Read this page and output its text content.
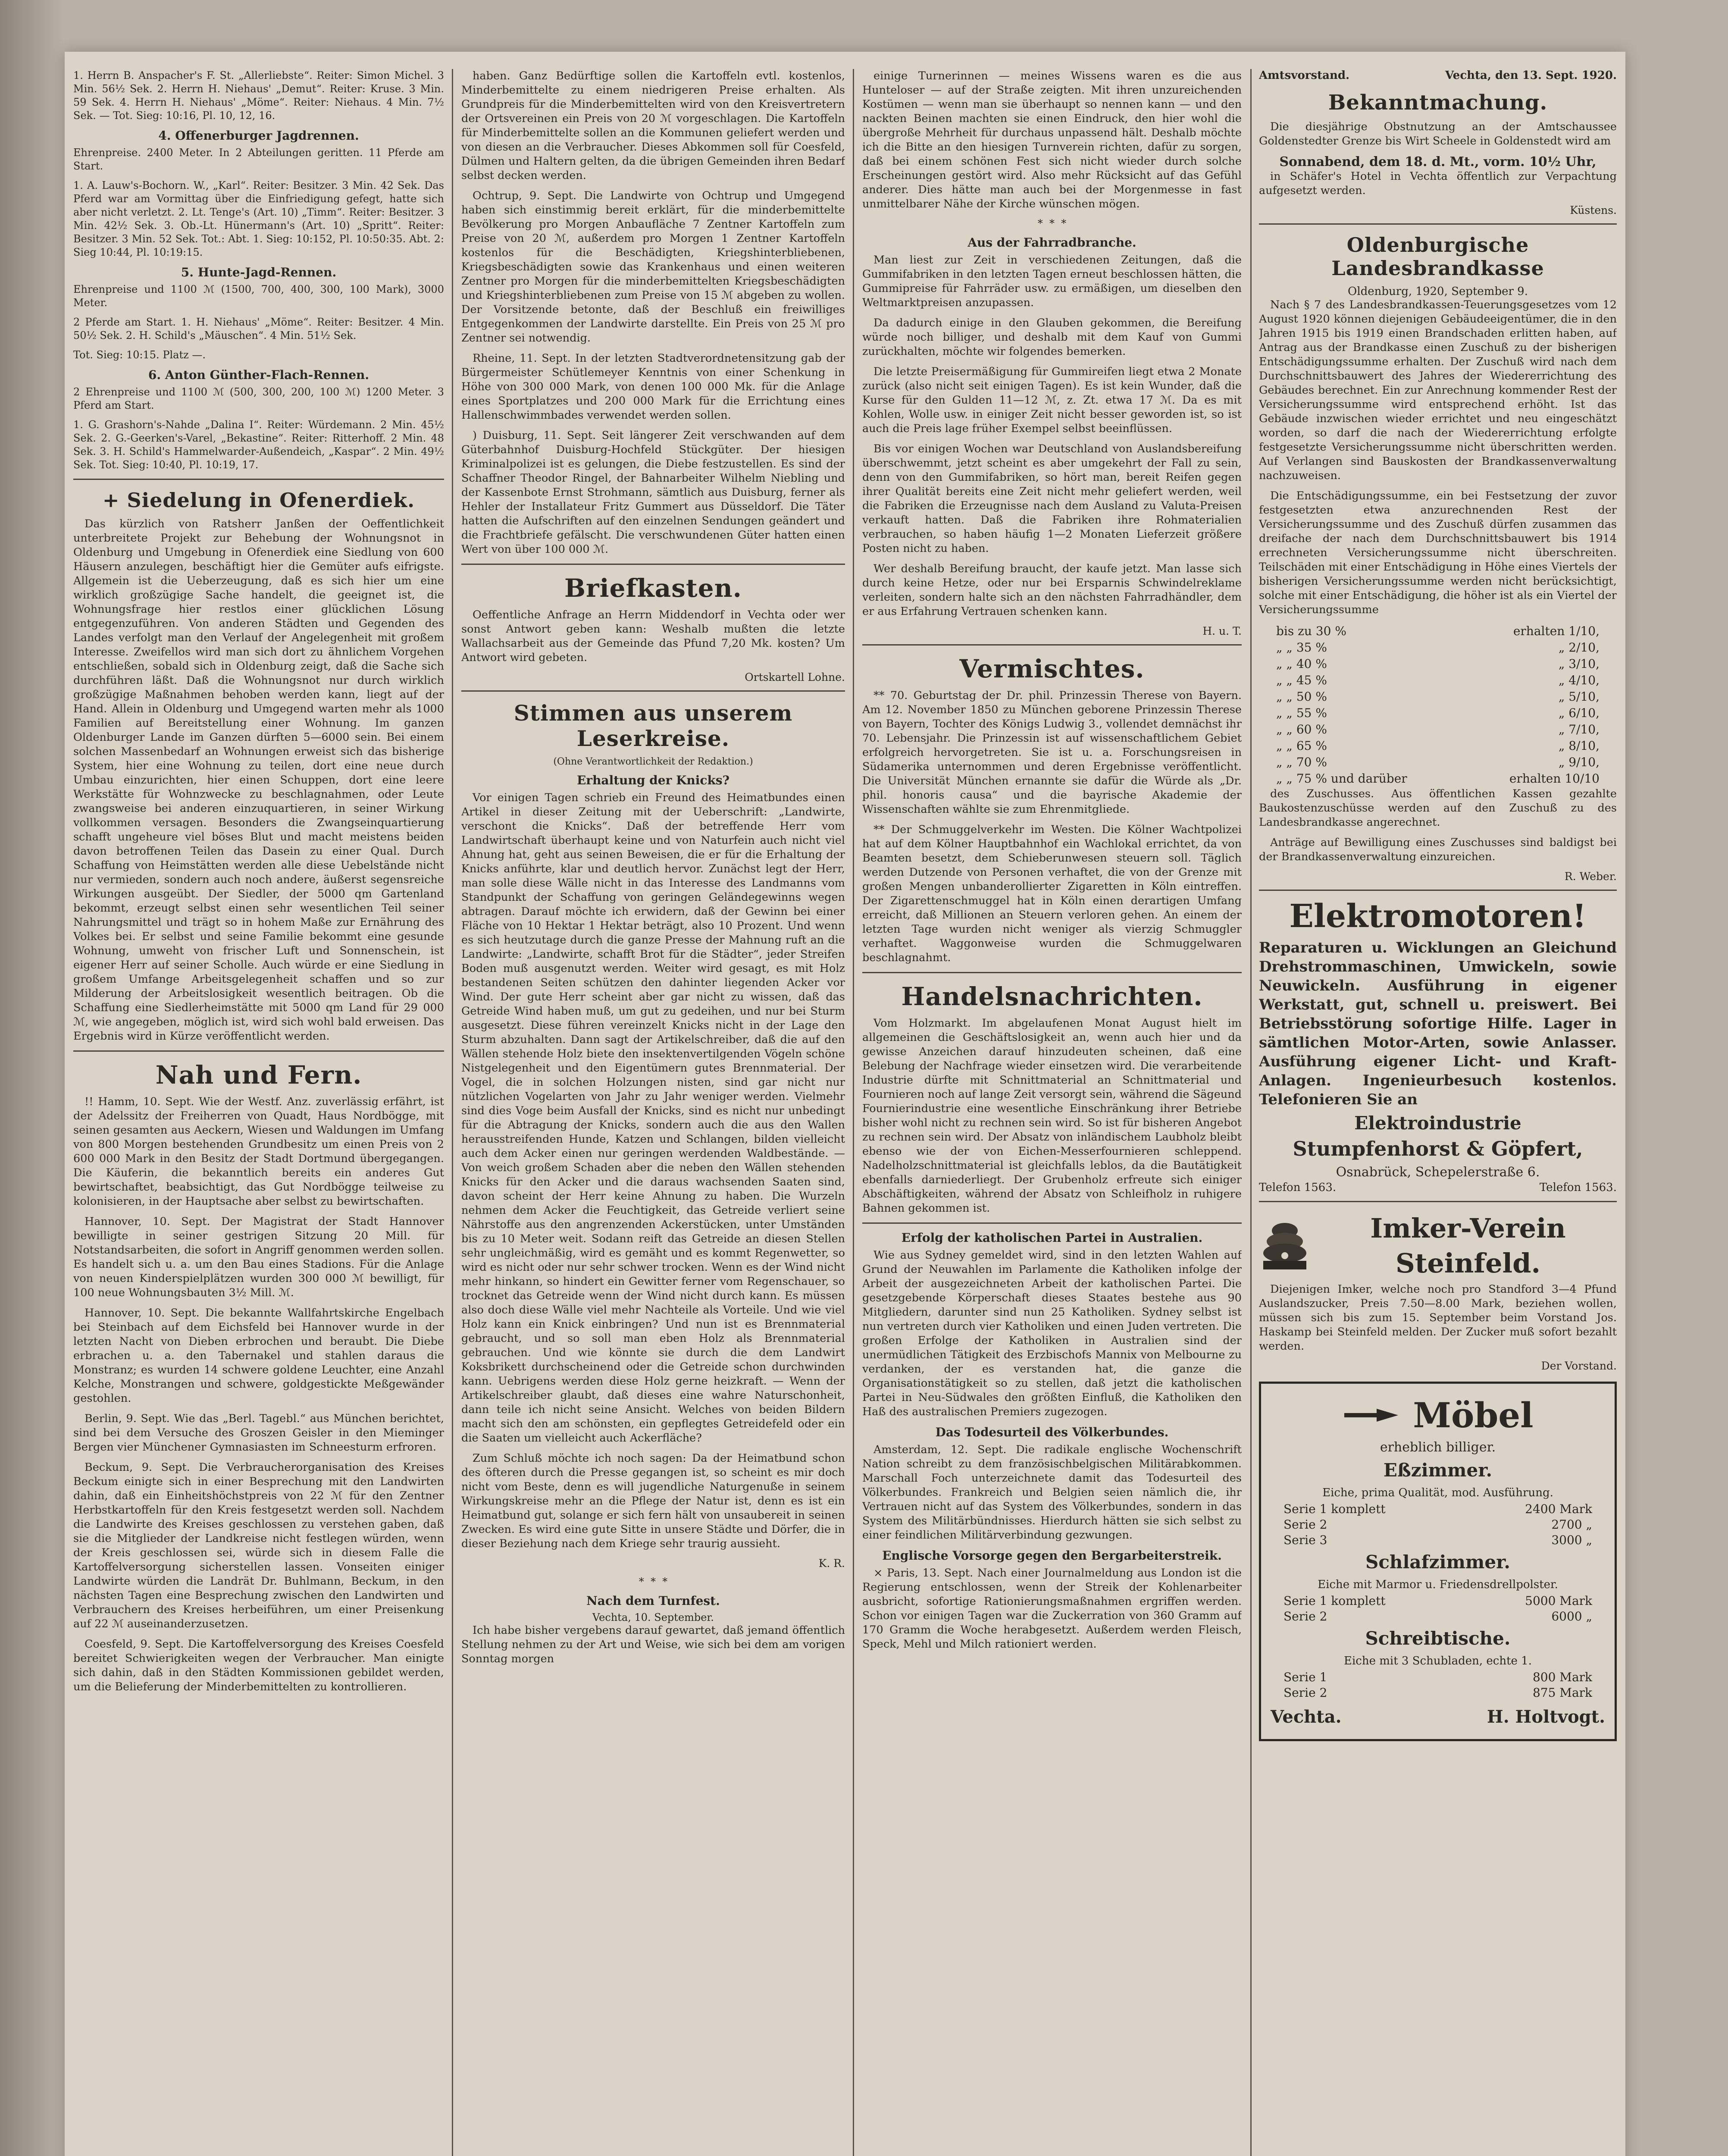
1. Herrn B. Anspacher's F. St. „Allerliebste“. Reiter: Simon Michel. 3 Min. 56½ Sek. 2. Herrn H. Niehaus' „Demut“. Reiter: Kruse. 3 Min. 59 Sek. 4. Herrn H. Niehaus' „Möme“. Reiter: Niehaus. 4 Min. 7½ Sek. — Tot. Sieg: 10:16, Pl. 10, 12, 16.

4. Offenerburger Jagdrennen.

Ehrenpreise. 2400 Meter. In 2 Abteilungen geritten. 11 Pferde am Start.

1. A. Lauw's-Bochorn. W., „Karl“. Reiter: Besitzer. 3 Min. 42 Sek. Das Pferd war am Vormittag über die Einfriedigung gefegt, hatte sich aber nicht verletzt. 2. Lt. Tenge's (Art. 10) „Timm“. Reiter: Besitzer. 3 Min. 42½ Sek. 3. Ob.-Lt. Hünermann's (Art. 10) „Spritt“. Reiter: Besitzer. 3 Min. 52 Sek. Tot.: Abt. 1. Sieg: 10:152, Pl. 10:50:35. Abt. 2: Sieg 10:44, Pl. 10:19:15.

5. Hunte-Jagd-Rennen.

Ehrenpreise und 1100 ℳ (1500, 700, 400, 300, 100 Mark), 3000 Meter.

2 Pferde am Start. 1. H. Niehaus' „Möme“. Reiter: Besitzer. 4 Min. 50½ Sek. 2. H. Schild's „Mäuschen“. 4 Min. 51½ Sek.

Tot. Sieg: 10:15. Platz —.

6. Anton Günther-Flach-Rennen.

2 Ehrenpreise und 1100 ℳ (500, 300, 200, 100 ℳ) 1200 Meter. 3 Pferd am Start.

1. G. Grashorn's-Nahde „Dalina I“. Reiter: Würdemann. 2 Min. 45½ Sek. 2. G.-Geerken's-Varel, „Bekastine“. Reiter: Ritterhoff. 2 Min. 48 Sek. 3. H. Schild's Hammelwarder-Außendeich, „Kaspar“. 2 Min. 49½ Sek. Tot. Sieg: 10:40, Pl. 10:19, 17.

+ Siedelung in Ofenerdiek.

Das kürzlich von Ratsherr Janßen der Oeffentlichkeit unterbreitete Projekt zur Behebung der Wohnungsnot in Oldenburg und Umgebung in Ofenerdiek eine Siedlung von 600 Häusern anzulegen, beschäftigt hier die Gemüter aufs eifrigste. Allgemein ist die Ueberzeugung, daß es sich hier um eine wirklich großzügige Sache handelt, die geeignet ist, die Wohnungsfrage hier restlos einer glücklichen Lösung entgegenzuführen. Von anderen Städten und Gegenden des Landes verfolgt man den Verlauf der Angelegenheit mit großem Interesse. Zweifellos wird man sich dort zu ähnlichem Vorgehen entschließen, sobald sich in Oldenburg zeigt, daß die Sache sich durchführen läßt. Daß die Wohnungsnot nur durch wirklich großzügige Maßnahmen behoben werden kann, liegt auf der Hand. Allein in Oldenburg und Umgegend warten mehr als 1000 Familien auf Bereitstellung einer Wohnung. Im ganzen Oldenburger Lande im Ganzen dürften 5—6000 sein. Bei einem solchen Massenbedarf an Wohnungen erweist sich das bisherige System, hier eine Wohnung zu teilen, dort eine neue durch Umbau einzurichten, hier einen Schuppen, dort eine leere Werkstätte für Wohnzwecke zu beschlagnahmen, oder Leute zwangsweise bei anderen einzuquartieren, in seiner Wirkung vollkommen versagen. Besonders die Zwangseinquartierung schafft ungeheure viel böses Blut und macht meistens beiden davon betroffenen Teilen das Dasein zu einer Qual. Durch Schaffung von Heimstätten werden alle diese Uebelstände nicht nur vermieden, sondern auch noch andere, äußerst segensreiche Wirkungen ausgeübt. Der Siedler, der 5000 qm Gartenland bekommt, erzeugt selbst einen sehr wesentlichen Teil seiner Nahrungsmittel und trägt so in hohem Maße zur Ernährung des Volkes bei. Er selbst und seine Familie bekommt eine gesunde Wohnung, umweht von frischer Luft und Sonnenschein, ist eigener Herr auf seiner Scholle. Auch würde er eine Siedlung in großem Umfange Arbeitsgelegenheit schaffen und so zur Milderung der Arbeitslosigkeit wesentlich beitragen. Ob die Schaffung eine Siedlerheimstätte mit 5000 qm Land für 29 000 ℳ, wie angegeben, möglich ist, wird sich wohl bald erweisen. Das Ergebnis wird in Kürze veröffentlicht werden.

Nah und Fern.

!! Hamm, 10. Sept. Wie der Westf. Anz. zuverlässig erfährt, ist der Adelssitz der Freiherren von Quadt, Haus Nordbögge, mit seinen gesamten aus Aeckern, Wiesen und Waldungen im Umfang von 800 Morgen bestehenden Grundbesitz um einen Preis von 2 600 000 Mark in den Besitz der Stadt Dortmund übergegangen. Die Käuferin, die bekanntlich bereits ein anderes Gut bewirtschaftet, beabsichtigt, das Gut Nordbögge teilweise zu kolonisieren, in der Hauptsache aber selbst zu bewirtschaften.

Hannover, 10. Sept. Der Magistrat der Stadt Hannover bewilligte in seiner gestrigen Sitzung 20 Mill. für Notstandsarbeiten, die sofort in Angriff genommen werden sollen. Es handelt sich u. a. um den Bau eines Stadions. Für die Anlage von neuen Kinderspielplätzen wurden 300 000 ℳ bewilligt, für 100 neue Wohnungsbauten 3½ Mill. ℳ.

Hannover, 10. Sept. Die bekannte Wallfahrtskirche Engelbach bei Steinbach auf dem Eichsfeld bei Hannover wurde in der letzten Nacht von Dieben erbrochen und beraubt. Die Diebe erbrachen u. a. den Tabernakel und stahlen daraus die Monstranz; es wurden 14 schwere goldene Leuchter, eine Anzahl Kelche, Monstrangen und schwere, goldgestickte Meßgewänder gestohlen.

Berlin, 9. Sept. Wie das „Berl. Tagebl.“ aus München berichtet, sind bei dem Versuche des Groszen Geisler in den Mieminger Bergen vier Münchener Gymnasiasten im Schneesturm erfroren.

Beckum, 9. Sept. Die Verbraucherorganisation des Kreises Beckum einigte sich in einer Besprechung mit den Landwirten dahin, daß ein Einheitshöchstpreis von 22 ℳ für den Zentner Herbstkartoffeln für den Kreis festgesetzt werden soll. Nachdem die Landwirte des Kreises geschlossen zu verstehen gaben, daß sie die Mitglieder der Landkreise nicht festlegen würden, wenn der Kreis geschlossen sei, würde sich in diesem Falle die Kartoffelversorgung sicherstellen lassen. Vonseiten einiger Landwirte würden die Landrät Dr. Buhlmann, Beckum, in den nächsten Tagen eine Besprechung zwischen den Landwirten und Verbrauchern des Kreises herbeiführen, um einer Preisenkung auf 22 ℳ auseinanderzusetzen.

Coesfeld, 9. Sept. Die Kartoffelversorgung des Kreises Coesfeld bereitet Schwierigkeiten wegen der Verbraucher. Man einigte sich dahin, daß in den Städten Kommissionen gebildet werden, um die Belieferung der Minderbemittelten zu kontrollieren.

haben. Ganz Bedürftige sollen die Kartoffeln evtl. kostenlos, Minderbemittelte zu einem niedrigeren Preise erhalten. Als Grundpreis für die Minderbemittelten wird von den Kreisvertretern der Ortsvereinen ein Preis von 20 ℳ vorgeschlagen. Die Kartoffeln für Minderbemittelte sollen an die Kommunen geliefert werden und von diesen an die Verbraucher. Dieses Abkommen soll für Coesfeld, Dülmen und Haltern gelten, da die übrigen Gemeinden ihren Bedarf selbst decken werden.

Ochtrup, 9. Sept. Die Landwirte von Ochtrup und Umgegend haben sich einstimmig bereit erklärt, für die minderbemittelte Bevölkerung pro Morgen Anbaufläche 7 Zentner Kartoffeln zum Preise von 20 ℳ, außerdem pro Morgen 1 Zentner Kartoffeln kostenlos für die Beschädigten, Kriegshinterbliebenen, Kriegsbeschädigten sowie das Krankenhaus und einen weiteren Zentner pro Morgen für die minderbemittelten Kriegsbeschädigten und Kriegshinterbliebenen zum Preise von 15 ℳ abgeben zu wollen. Der Vorsitzende betonte, daß der Beschluß ein freiwilliges Entgegenkommen der Landwirte darstellte. Ein Preis von 25 ℳ pro Zentner sei notwendig.

Rheine, 11. Sept. In der letzten Stadtverordnetensitzung gab der Bürgermeister Schütlemeyer Kenntnis von einer Schenkung in Höhe von 300 000 Mark, von denen 100 000 Mk. für die Anlage eines Sportplatzes und 200 000 Mark für die Errichtung eines Hallenschwimmbades verwendet werden sollen.

) Duisburg, 11. Sept. Seit längerer Zeit verschwanden auf dem Güterbahnhof Duisburg-Hochfeld Stückgüter. Der hiesigen Kriminalpolizei ist es gelungen, die Diebe festzustellen. Es sind der Schaffner Theodor Ringel, der Bahnarbeiter Wilhelm Niebling und der Kassenbote Ernst Strohmann, sämtlich aus Duisburg, ferner als Hehler der Installateur Fritz Gummert aus Düsseldorf. Die Täter hatten die Aufschriften auf den einzelnen Sendungen geändert und die Frachtbriefe gefälscht. Die verschwundenen Güter hatten einen Wert von über 100 000 ℳ.

Briefkasten.

Oeffentliche Anfrage an Herrn Middendorf in Vechta oder wer sonst Antwort geben kann: Weshalb mußten die letzte Wallachsarbeit aus der Gemeinde das Pfund 7,20 Mk. kosten? Um Antwort wird gebeten.

Ortskartell Lohne.
Stimmen aus unserem Leserkreise.
(Ohne Verantwortlichkeit der Redaktion.)
Erhaltung der Knicks?

Vor einigen Tagen schrieb ein Freund des Heimatbundes einen Artikel in dieser Zeitung mit der Ueberschrift: „Landwirte, verschont die Knicks“. Daß der betreffende Herr vom Landwirtschaft überhaupt keine und von Naturfein auch nicht viel Ahnung hat, geht aus seinen Beweisen, die er für die Erhaltung der Knicks anführte, klar und deutlich hervor. Zunächst legt der Herr, man solle diese Wälle nicht in das Interesse des Landmanns vom Standpunkt der Schaffung von geringen Geländegewinns wegen abtragen. Darauf möchte ich erwidern, daß der Gewinn bei einer Fläche von 10 Hektar 1 Hektar beträgt, also 10 Prozent. Und wenn es sich heutzutage durch die ganze Presse der Mahnung ruft an die Landwirte: „Landwirte, schafft Brot für die Städter“, jeder Streifen Boden muß ausgenutzt werden. Weiter wird gesagt, es mit Holz bestandenen Seiten schützen den dahinter liegenden Acker vor Wind. Der gute Herr scheint aber gar nicht zu wissen, daß das Getreide Wind haben muß, um gut zu gedeihen, und nur bei Sturm ausgesetzt. Diese führen vereinzelt Knicks nicht in der Lage den Sturm abzuhalten. Dann sagt der Artikelschreiber, daß die auf den Wällen stehende Holz biete den insektenvertilgenden Vögeln schöne Nistgelegenheit und den Eigentümern gutes Brennmaterial. Der Vogel, die in solchen Holzungen nisten, sind gar nicht nur nützlichen Vogelarten von Jahr zu Jahr weniger werden. Vielmehr sind dies Voge beim Ausfall der Knicks, sind es nicht nur unbedingt für die Abtragung der Knicks, sondern auch die aus den Wallen herausstreifenden Hunde, Katzen und Schlangen, bilden vielleicht auch dem Acker einen nur geringen werdenden Waldbestände. — Von weich großem Schaden aber die neben den Wällen stehenden Knicks für den Acker und die daraus wachsenden Saaten sind, davon scheint der Herr keine Ahnung zu haben. Die Wurzeln nehmen dem Acker die Feuchtigkeit, das Getreide verliert seine Nährstoffe aus den angrenzenden Ackerstücken, unter Umständen bis zu 10 Meter weit. Sodann reift das Getreide an diesen Stellen sehr ungleichmäßig, wird es gemäht und es kommt Regenwetter, so wird es nicht oder nur sehr schwer trocken. Wenn es der Wind nicht mehr hinkann, so hindert ein Gewitter ferner vom Regenschauer, so trocknet das Getreide wenn der Wind nicht durch kann. Es müssen also doch diese Wälle viel mehr Nachteile als Vorteile. Und wie viel Holz kann ein Knick einbringen? Und nun ist es Brennmaterial gebraucht, und so soll man eben Holz als Brennmaterial gebrauchen. Und wie könnte sie durch die dem Landwirt Koksbrikett durchscheinend oder die Getreide schon durchwinden kann. Uebrigens werden diese Holz gerne heizkraft. — Wenn der Artikelschreiber glaubt, daß dieses eine wahre Naturschonheit, dann teile ich nicht seine Ansicht. Welches von beiden Bildern macht sich den am schönsten, ein gepflegtes Getreidefeld oder ein die Saaten um vielleicht auch Ackerfläche?

Zum Schluß möchte ich noch sagen: Da der Heimatbund schon des öfteren durch die Presse gegangen ist, so scheint es mir doch nicht vom Beste, denn es will jugendliche Naturgenuße in seinem Wirkungskreise mehr an die Pflege der Natur ist, denn es ist ein Heimatbund gut, solange er sich fern hält von unsaubereit in seinen Zwecken. Es wird eine gute Sitte in unsere Städte und Dörfer, die in dieser Beziehung nach dem Kriege sehr traurig aussieht.

K. R.
*  *  *
Nach dem Turnfest.
Vechta, 10. September.

Ich habe bisher vergebens darauf gewartet, daß jemand öffentlich Stellung nehmen zu der Art und Weise, wie sich bei dem am vorigen Sonntag morgen

einige Turnerinnen — meines Wissens waren es die aus Hunteloser — auf der Straße zeigten. Mit ihren unzureichenden Kostümen — wenn man sie überhaupt so nennen kann — und den nackten Beinen machten sie einen Eindruck, den hier wohl die übergroße Mehrheit für durchaus unpassend hält. Deshalb möchte ich die Bitte an den hiesigen Turnverein richten, dafür zu sorgen, daß bei einem schönen Fest sich nicht wieder durch solche Erscheinungen gestört wird. Also mehr Rücksicht auf das Gefühl anderer. Dies hätte man auch bei der Morgenmesse in fast unmittelbarer Nähe der Kirche wünschen mögen.

*  *  *
Aus der Fahrradbranche.

Man liest zur Zeit in verschiedenen Zeitungen, daß die Gummifabriken in den letzten Tagen erneut beschlossen hätten, die Gummipreise für Fahrräder usw. zu ermäßigen, um dieselben den Weltmarktpreisen anzupassen.

Da dadurch einige in den Glauben gekommen, die Bereifung würde noch billiger, und deshalb mit dem Kauf von Gummi zurückhalten, möchte wir folgendes bemerken.

Die letzte Preisermäßigung für Gummireifen liegt etwa 2 Monate zurück (also nicht seit einigen Tagen). Es ist kein Wunder, daß die Kurse für den Gulden 11—12 ℳ, z. Zt. etwa 17 ℳ. Da es mit Kohlen, Wolle usw. in einiger Zeit nicht besser geworden ist, so ist auch die Preis lage früher Exempel selbst beeinflüssen.

Bis vor einigen Wochen war Deutschland von Auslandsbereifung überschwemmt, jetzt scheint es aber umgekehrt der Fall zu sein, denn von den Gummifabriken, so hört man, bereit Reifen gegen ihrer Qualität bereits eine Zeit nicht mehr geliefert werden, weil die Fabriken die Erzeugnisse nach dem Ausland zu Valuta-Preisen verkauft hatten. Daß die Fabriken ihre Rohmaterialien verbrauchen, so haben häufig 1—2 Monaten Lieferzeit größere Posten nicht zu haben.

Wer deshalb Bereifung braucht, der kaufe jetzt. Man lasse sich durch keine Hetze, oder nur bei Ersparnis Schwindelreklame verleiten, sondern halte sich an den nächsten Fahrradhändler, dem er aus Erfahrung Vertrauen schenken kann.

H. u. T.
Vermischtes.

** 70. Geburtstag der Dr. phil. Prinzessin Therese von Bayern. Am 12. November 1850 zu München geborene Prinzessin Therese von Bayern, Tochter des Königs Ludwig 3., vollendet demnächst ihr 70. Lebensjahr. Die Prinzessin ist auf wissenschaftlichem Gebiet erfolgreich hervorgetreten. Sie ist u. a. Forschungsreisen in Südamerika unternommen und deren Ergebnisse veröffentlicht. Die Universität München ernannte sie dafür die Würde als „Dr. phil. honoris causa“ und die bayrische Akademie der Wissenschaften wählte sie zum Ehrenmitgliede.

** Der Schmuggelverkehr im Westen. Die Kölner Wachtpolizei hat auf dem Kölner Hauptbahnhof ein Wachlokal errichtet, da von Beamten besetzt, dem Schieberunwesen steuern soll. Täglich werden Dutzende von Personen verhaftet, die von der Grenze mit großen Mengen unbanderollierter Zigaretten in Köln eintreffen. Der Zigarettenschmuggel hat in Köln einen derartigen Umfang erreicht, daß Millionen an Steuern verloren gehen. An einem der letzten Tage wurden nicht weniger als vierzig Schmuggler verhaftet. Waggonweise wurden die Schmuggelwaren beschlagnahmt.

Handelsnachrichten.

Vom Holzmarkt. Im abgelaufenen Monat August hielt im allgemeinen die Geschäftslosigkeit an, wenn auch hier und da gewisse Anzeichen darauf hinzudeuten scheinen, daß eine Belebung der Nachfrage wieder einsetzen wird. Die verarbeitende Industrie dürfte mit Schnittmaterial an Schnittmaterial und Fournieren noch auf lange Zeit versorgt sein, während die Sägeund Fournierindustrie eine wesentliche Einschränkung ihrer Betriebe bisher wohl nicht zu rechnen sein wird. So ist für bisheren Angebot zu rechnen sein wird. Der Absatz von inländischem Laubholz bleibt ebenso wie der von Eichen-Messerfournieren schleppend. Nadelholzschnittmaterial ist gleichfalls leblos, da die Bautätigkeit ebenfalls darniederliegt. Der Grubenholz erfreute sich einiger Abschäftigkeiten, während der Absatz von Schleifholz in ruhigere Bahnen gekommen ist.

Erfolg der katholischen Partei in Australien.

Wie aus Sydney gemeldet wird, sind in den letzten Wahlen auf Grund der Neuwahlen im Parlamente die Katholiken infolge der Arbeit der ausgezeichneten Arbeit der katholischen Partei. Die gesetzgebende Körperschaft dieses Staates bestehe aus 90 Mitgliedern, darunter sind nun 25 Katholiken. Sydney selbst ist nun vertreten durch vier Katholiken und einen Juden vertreten. Die großen Erfolge der Katholiken in Australien sind der unermüdlichen Tätigkeit des Erzbischofs Mannix von Melbourne zu verdanken, der es verstanden hat, die ganze die Organisationstätigkeit so zu stellen, daß jetzt die katholischen Partei in Neu-Südwales den größten Einfluß, die Katholiken den Haß des australischen Premiers zugezogen.

Das Todesurteil des Völkerbundes.

Amsterdam, 12. Sept. Die radikale englische Wochenschrift Nation schreibt zu dem französischbelgischen Militärabkommen. Marschall Foch unterzeichnete damit das Todesurteil des Völkerbundes. Frankreich und Belgien seien nämlich die, ihr Vertrauen nicht auf das System des Völkerbundes, sondern in das System des Militärbündnisses. Hierdurch hätten sie sich selbst zu einer feindlichen Militärverbindung gezwungen.

Englische Vorsorge gegen den Bergarbeiterstreik.

× Paris, 13. Sept. Nach einer Journalmeldung aus London ist die Regierung entschlossen, wenn der Streik der Kohlenarbeiter ausbricht, sofortige Rationierungsmaßnahmen ergriffen werden. Schon vor einigen Tagen war die Zuckerration von 360 Gramm auf 170 Gramm die Woche herabgesetzt. Außerdem werden Fleisch, Speck, Mehl und Milch rationiert werden.

Amtsvorstand.	Vechta, den 13. Sept. 1920.
Bekanntmachung.

Die diesjährige Obstnutzung an der Amtschaussee Goldenstedter Grenze bis Wirt Scheele in Goldenstedt wird am

Sonnabend, dem 18. d. Mt., vorm. 10½ Uhr,

in Schäfer's Hotel in Vechta öffentlich zur Verpachtung aufgesetzt werden.

Küstens.
Oldenburgische Landesbrandkasse
Oldenburg, 1920, September 9.

Nach § 7 des Landesbrandkassen-Teuerungsgesetzes vom 12 August 1920 können diejenigen Gebäudeeigentümer, die in den Jahren 1915 bis 1919 einen Brandschaden erlitten haben, auf Antrag aus der Brandkasse einen Zuschuß zu der bisherigen Entschädigungssumme erhalten. Der Zuschuß wird nach dem Durchschnittsbauwert des Jahres der Wiedererrichtung des Gebäudes berechnet. Ein zur Anrechnung kommender Rest der Versicherungssumme wird entsprechend erhöht. Ist das Gebäude inzwischen wieder errichtet und neu eingeschätzt worden, so darf die nach der Wiedererrichtung erfolgte festgesetzte Versicherungssumme nicht überschritten werden. Auf Verlangen sind Bauskosten der Brandkassenverwaltung nachzuweisen.

Die Entschädigungssumme, ein bei Festsetzung der zuvor festgesetzten etwa anzurechnenden Rest der Versicherungssumme und des Zuschuß dürfen zusammen das dreifache der nach dem Durchschnittsbauwert bis 1914 errechneten Versicherungssumme nicht überschreiten. Teilschäden mit einer Entschädigung in Höhe eines Viertels der bisherigen Versicherungssumme werden nicht berücksichtigt, solche mit einer Entschädigung, die höher ist als ein Viertel der Versicherungssumme

bis zu 30 %	erhalten 1/10,
„ „ 35 %	„ 2/10,
„ „ 40 %	„ 3/10,
„ „ 45 %	„ 4/10,
„ „ 50 %	„ 5/10,
„ „ 55 %	„ 6/10,
„ „ 60 %	„ 7/10,
„ „ 65 %	„ 8/10,
„ „ 70 %	„ 9/10,
„ „ 75 % und darüber	erhalten 10/10

des Zuschusses. Aus öffentlichen Kassen gezahlte Baukostenzuschüsse werden auf den Zuschuß zu des Landesbrandkasse angerechnet.

Anträge auf Bewilligung eines Zuschusses sind baldigst bei der Brandkassenverwaltung einzureichen.

R. Weber.
Elektromotoren!
Reparaturen u. Wicklungen an Gleichund Drehstrommaschinen, Umwickeln, sowie Neuwickeln. Ausführung in eigener Werkstatt, gut, schnell u. preiswert. Bei Betriebsstörung sofortige Hilfe. Lager in sämtlichen Motor-Arten, sowie Anlasser. Ausführung eigener Licht- und Kraft-Anlagen. Ingenieurbesuch kostenlos. Telefonieren Sie an
Elektroindustrie
Stumpfenhorst & Göpfert,
Osnabrück, Schepelerstraße 6.
Telefon 1563.	Telefon 1563.
Imker-Verein
Steinfeld.

Diejenigen Imker, welche noch pro Standford 3—4 Pfund Auslandszucker, Preis 7.50—8.00 Mark, beziehen wollen, müssen sich bis zum 15. September beim Vorstand Jos. Haskamp bei Steinfeld melden. Der Zucker muß sofort bezahlt werden.

Der Vorstand.
Möbel
erheblich billiger.
Eßzimmer.
Eiche, prima Qualität, mod. Ausführung.
Serie 1 komplett	2400 Mark
Serie 2	2700 „
Serie 3	3000 „
Schlafzimmer.
Eiche mit Marmor u. Friedensdrellpolster.
Serie 1 komplett	5000 Mark
Serie 2	6000 „
Schreibtische.
Eiche mit 3 Schubladen, echte 1.
Serie 1	800 Mark
Serie 2	875 Mark
Vechta.	H. Holtvogt.
